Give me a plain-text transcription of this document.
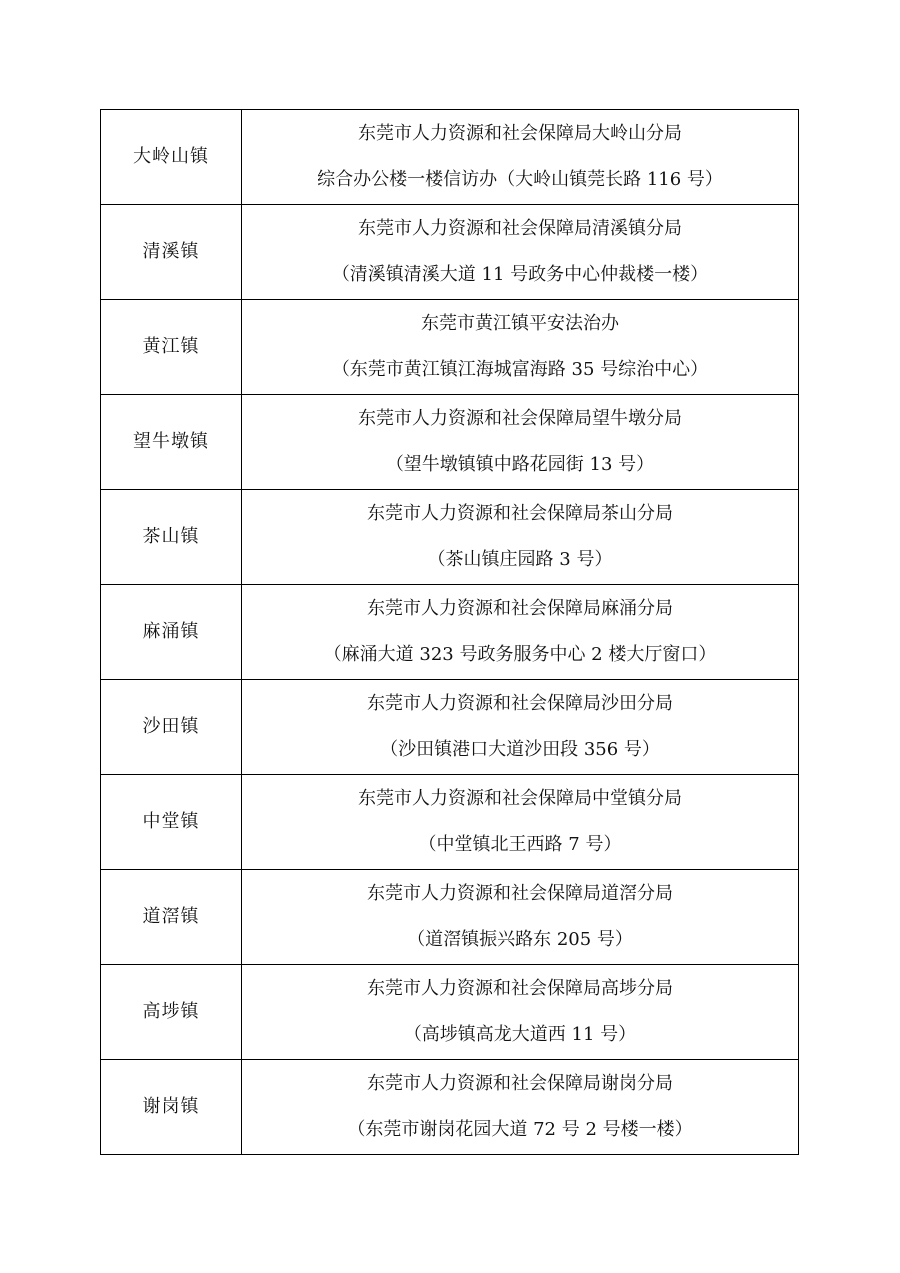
大岭山镇	东莞市人力资源和社会保障局大岭山分局
综合办公楼一楼信访办（大岭山镇莞长路 116 号）

清溪镇	东莞市人力资源和社会保障局清溪镇分局
（清溪镇清溪大道 11 号政务中心仲裁楼一楼）

黄江镇	东莞市黄江镇平安法治办
（东莞市黄江镇江海城富海路 35 号综治中心）

望牛墩镇	东莞市人力资源和社会保障局望牛墩分局
（望牛墩镇镇中路花园街 13 号）

茶山镇	东莞市人力资源和社会保障局茶山分局
（茶山镇庄园路 3 号）

麻涌镇	东莞市人力资源和社会保障局麻涌分局
（麻涌大道 323 号政务服务中心 2 楼大厅窗口）

沙田镇	东莞市人力资源和社会保障局沙田分局
（沙田镇港口大道沙田段 356 号）

中堂镇	东莞市人力资源和社会保障局中堂镇分局
（中堂镇北王西路 7 号）

道滘镇	东莞市人力资源和社会保障局道滘分局
（道滘镇振兴路东 205 号）

高埗镇	东莞市人力资源和社会保障局高埗分局
（高埗镇高龙大道西 11 号）

谢岗镇	东莞市人力资源和社会保障局谢岗分局
（东莞市谢岗花园大道 72 号 2 号楼一楼）
